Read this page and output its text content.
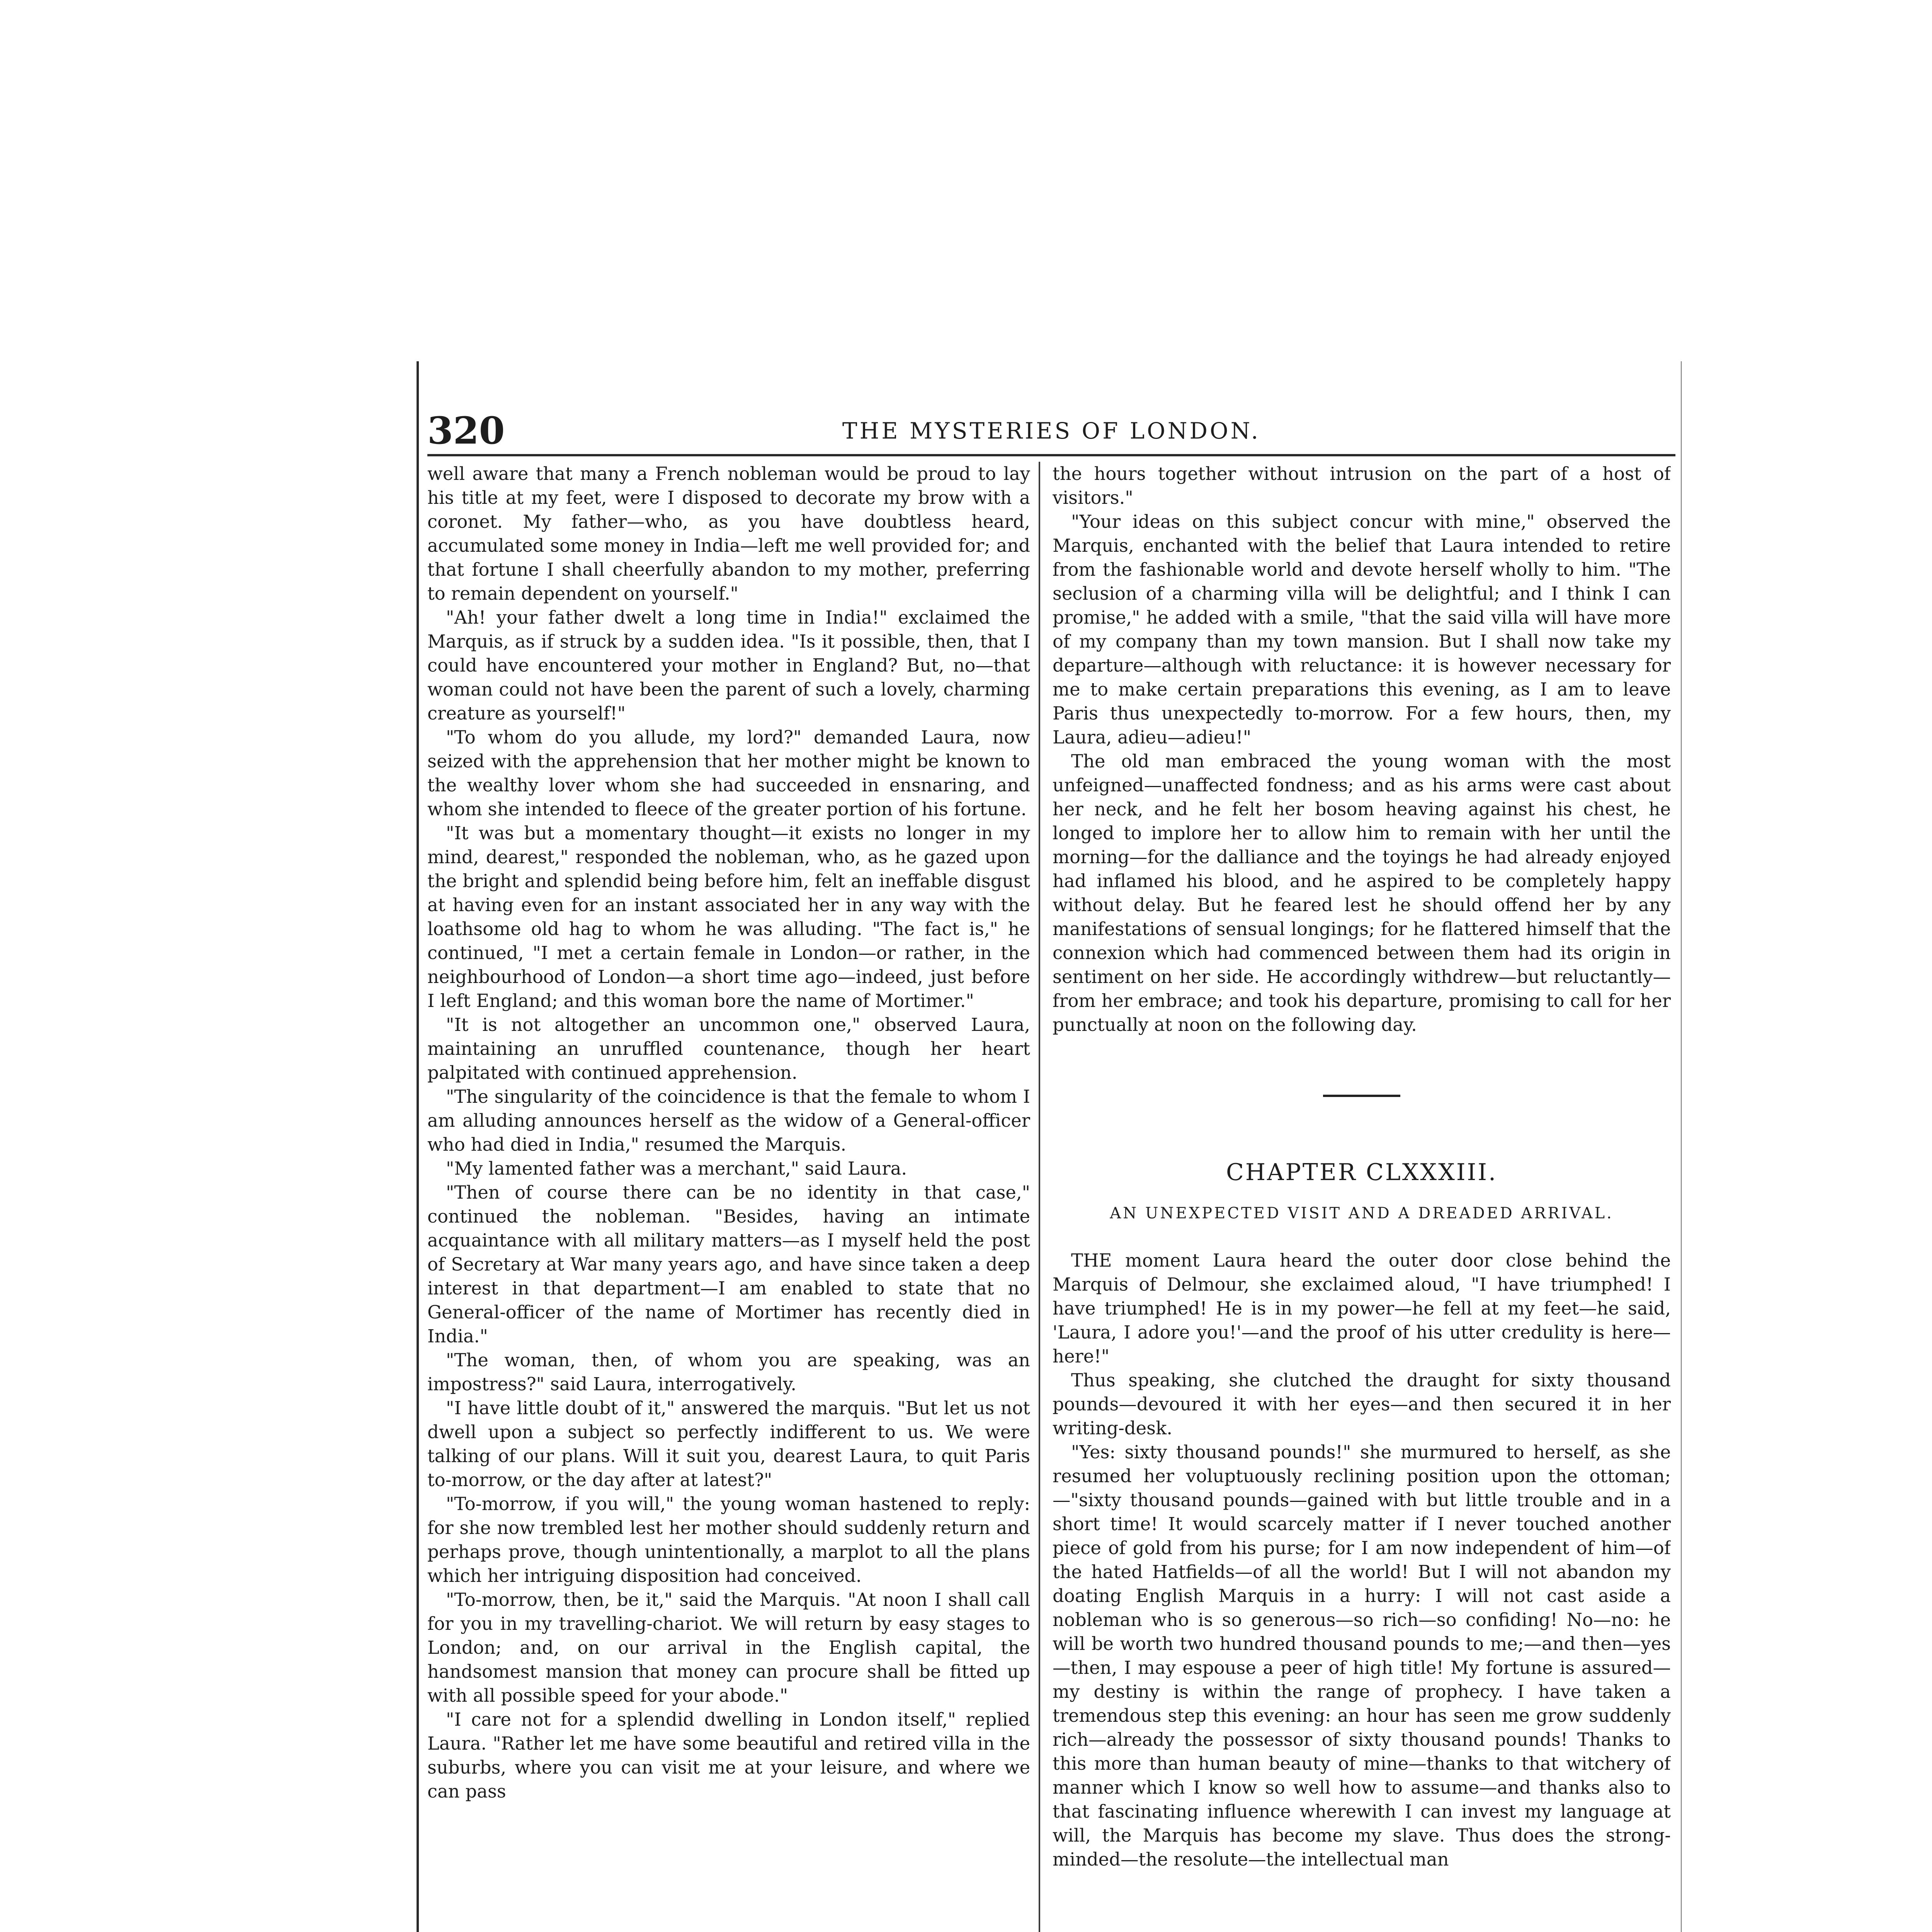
320	THE MYSTERIES OF LONDON.

well aware that many a French nobleman would be proud to lay his title at my feet, were I disposed to decorate my brow with a coronet. My father—who, as you have doubtless heard, accumulated some money in India—left me well provided for; and that fortune I shall cheerfully abandon to my mother, preferring to remain dependent on yourself."

"Ah! your father dwelt a long time in India!" exclaimed the Marquis, as if struck by a sudden idea. "Is it possible, then, that I could have encountered your mother in England? But, no—that woman could not have been the parent of such a lovely, charming creature as yourself!"

"To whom do you allude, my lord?" demanded Laura, now seized with the apprehension that her mother might be known to the wealthy lover whom she had succeeded in ensnaring, and whom she intended to fleece of the greater portion of his fortune.

"It was but a momentary thought—it exists no longer in my mind, dearest," responded the nobleman, who, as he gazed upon the bright and splendid being before him, felt an ineffable disgust at having even for an instant associated her in any way with the loathsome old hag to whom he was alluding. "The fact is," he continued, "I met a certain female in London—or rather, in the neighbourhood of London—a short time ago—indeed, just before I left England; and this woman bore the name of Mortimer."

"It is not altogether an uncommon one," observed Laura, maintaining an unruffled countenance, though her heart palpitated with continued apprehension.

"The singularity of the coincidence is that the female to whom I am alluding announces herself as the widow of a General-officer who had died in India," resumed the Marquis.

"My lamented father was a merchant," said Laura.

"Then of course there can be no identity in that case," continued the nobleman. "Besides, having an intimate acquaintance with all military matters—as I myself held the post of Secretary at War many years ago, and have since taken a deep interest in that department—I am enabled to state that no General-officer of the name of Mortimer has recently died in India."

"The woman, then, of whom you are speaking, was an impostress?" said Laura, interrogatively.

"I have little doubt of it," answered the marquis. "But let us not dwell upon a subject so perfectly indifferent to us. We were talking of our plans. Will it suit you, dearest Laura, to quit Paris to-morrow, or the day after at latest?"

"To-morrow, if you will," the young woman hastened to reply: for she now trembled lest her mother should suddenly return and perhaps prove, though unintentionally, a marplot to all the plans which her intriguing disposition had conceived.

"To-morrow, then, be it," said the Marquis. "At noon I shall call for you in my travelling-chariot. We will return by easy stages to London; and, on our arrival in the English capital, the handsomest mansion that money can procure shall be fitted up with all possible speed for your abode."

"I care not for a splendid dwelling in London itself," replied Laura. "Rather let me have some beautiful and retired villa in the suburbs, where you can visit me at your leisure, and where we can pass

the hours together without intrusion on the part of a host of visitors."

"Your ideas on this subject concur with mine," observed the Marquis, enchanted with the belief that Laura intended to retire from the fashionable world and devote herself wholly to him. "The seclusion of a charming villa will be delightful; and I think I can promise," he added with a smile, "that the said villa will have more of my company than my town mansion. But I shall now take my departure—although with reluctance: it is however necessary for me to make certain preparations this evening, as I am to leave Paris thus unexpectedly to-morrow. For a few hours, then, my Laura, adieu—adieu!"

The old man embraced the young woman with the most unfeigned—unaffected fondness; and as his arms were cast about her neck, and he felt her bosom heaving against his chest, he longed to implore her to allow him to remain with her until the morning—for the dalliance and the toyings he had already enjoyed had inflamed his blood, and he aspired to be completely happy without delay. But he feared lest he should offend her by any manifestations of sensual longings; for he flattered himself that the connexion which had commenced between them had its origin in sentiment on her side. He accordingly withdrew—but reluctantly—from her embrace; and took his departure, promising to call for her punctually at noon on the following day.

CHAPTER CLXXXIII.
AN UNEXPECTED VISIT AND A DREADED ARRIVAL.

THE moment Laura heard the outer door close behind the Marquis of Delmour, she exclaimed aloud, "I have triumphed! I have triumphed! He is in my power—he fell at my feet—he said, 'Laura, I adore you!'—and the proof of his utter credulity is here—here!"

Thus speaking, she clutched the draught for sixty thousand pounds—devoured it with her eyes—and then secured it in her writing-desk.

"Yes: sixty thousand pounds!" she murmured to herself, as she resumed her voluptuously reclining position upon the ottoman;—"sixty thousand pounds—gained with but little trouble and in a short time! It would scarcely matter if I never touched another piece of gold from his purse; for I am now independent of him—of the hated Hatfields—of all the world! But I will not abandon my doating English Marquis in a hurry: I will not cast aside a nobleman who is so generous—so rich—so confiding! No—no: he will be worth two hundred thousand pounds to me;—and then—yes—then, I may espouse a peer of high title! My fortune is assured—my destiny is within the range of prophecy. I have taken a tremendous step this evening: an hour has seen me grow suddenly rich—already the possessor of sixty thousand pounds! Thanks to this more than human beauty of mine—thanks to that witchery of manner which I know so well how to assume—and thanks also to that fascinating influence wherewith I can invest my language at will, the Marquis has become my slave. Thus does the strong-minded—the resolute—the intellectual man
